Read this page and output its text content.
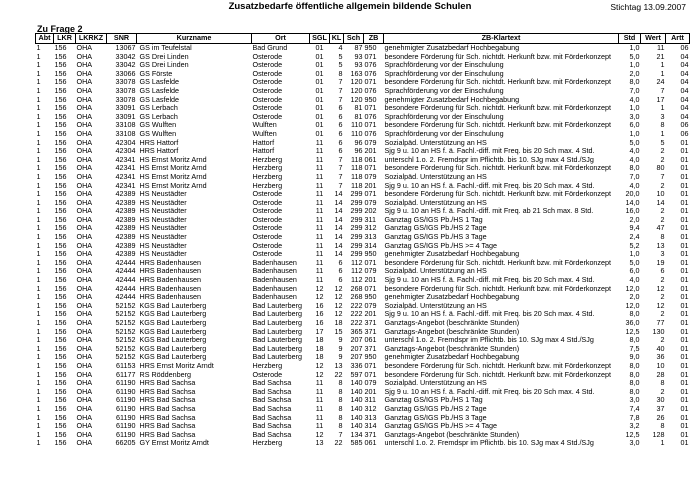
Zusatzbedarfe öffentliche allgemein bildende Schulen	Stichtag 13.09.2007
Zu Frage 2
Abt	LKR	LKRKZ	SNR	Kurzname	Ort	SGL	KL	Sch	ZB	ZB-Klartext	Std	Wert	Artt
1	156	OHA	13067	GS im Teufelstal	Bad Grund	01	4	87	950	genehmigter Zusatzbedarf Hochbegabung	1,0	11	06
1	156	OHA	33042	GS Drei Linden	Osterode	01	5	93	071	besondere Förderung für Sch. nichtdt. Herkunft bzw. mit Förderkonzept	5,0	21	04
1	156	OHA	33042	GS Drei Linden	Osterode	01	5	93	076	Sprachförderung vor der Einschulung	1,0	1	04
1	156	OHA	33066	GS Förste	Osterode	01	8	163	076	Sprachförderung vor der Einschulung	2,0	1	04
1	156	OHA	33078	GS Lasfelde	Osterode	01	7	120	071	besondere Förderung für Sch. nichtdt. Herkunft bzw. mit Förderkonzept	8,0	24	04
1	156	OHA	33078	GS Lasfelde	Osterode	01	7	120	076	Sprachförderung vor der Einschulung	7,0	7	04
1	156	OHA	33078	GS Lasfelde	Osterode	01	7	120	950	genehmigter Zusatzbedarf Hochbegabung	4,0	17	04
1	156	OHA	33091	GS Lerbach	Osterode	01	6	81	071	besondere Förderung für Sch. nichtdt. Herkunft bzw. mit Förderkonzept	1,0	1	04
1	156	OHA	33091	GS Lerbach	Osterode	01	6	81	076	Sprachförderung vor der Einschulung	3,0	3	04
1	156	OHA	33108	GS Wulften	Wulften	01	6	110	071	besondere Förderung für Sch. nichtdt. Herkunft bzw. mit Förderkonzept	6,0	8	06
1	156	OHA	33108	GS Wulften	Wulften	01	6	110	076	Sprachförderung vor der Einschulung	1,0	1	06
1	156	OHA	42304	HRS Hattorf	Hattorf	11	6	96	079	Sozialpäd. Unterstützung an HS	5,0	5	01
1	156	OHA	42304	HRS Hattorf	Hattorf	11	6	96	201	Sjg 9 u. 10 an HS f. ä. Fachl.-diff. mit Freq. bis 20 Sch max. 4 Std.	4,0	2	01
1	156	OHA	42341	HS Ernst Moritz Arnd	Herzberg	11	7	118	061	unterschl 1.o. 2. Fremdspr im Pflichtb. bis 10. SJg max 4 Std./SJg	4,0	2	01
1	156	OHA	42341	HS Ernst Moritz Arnd	Herzberg	11	7	118	071	besondere Förderung für Sch. nichtdt. Herkunft bzw. mit Förderkonzept	8,0	80	01
1	156	OHA	42341	HS Ernst Moritz Arnd	Herzberg	11	7	118	079	Sozialpäd. Unterstützung an HS	7,0	7	01
1	156	OHA	42341	HS Ernst Moritz Arnd	Herzberg	11	7	118	201	Sjg 9 u. 10 an HS f. ä. Fachl.-diff. mit Freq. bis 20 Sch max. 4 Std.	4,0	2	01
1	156	OHA	42389	HS Neustädter	Osterode	11	14	299	071	besondere Förderung für Sch. nichtdt. Herkunft bzw. mit Förderkonzept	20,0	10	01
1	156	OHA	42389	HS Neustädter	Osterode	11	14	299	079	Sozialpäd. Unterstützung an HS	14,0	14	01
1	156	OHA	42389	HS Neustädter	Osterode	11	14	299	202	Sjg 9 u. 10 an HS f. ä. Fachl.-diff. mit Freq. ab 21 Sch max. 8 Std.	16,0	2	01
1	156	OHA	42389	HS Neustädter	Osterode	11	14	299	311	Ganztag GS/IGS Pb./HS 1 Tag	2,0	2	01
1	156	OHA	42389	HS Neustädter	Osterode	11	14	299	312	Ganztag GS/IGS Pb./HS 2 Tage	9,4	47	01
1	156	OHA	42389	HS Neustädter	Osterode	11	14	299	313	Ganztag GS/IGS Pb./HS 3 Tage	2,4	8	01
1	156	OHA	42389	HS Neustädter	Osterode	11	14	299	314	Ganztag GS/IGS Pb./HS >= 4 Tage	5,2	13	01
1	156	OHA	42389	HS Neustädter	Osterode	11	14	299	950	genehmigter Zusatzbedarf Hochbegabung	1,0	3	01
1	156	OHA	42444	HRS Badenhausen	Badenhausen	11	6	112	071	besondere Förderung für Sch. nichtdt. Herkunft bzw. mit Förderkonzept	5,0	19	01
1	156	OHA	42444	HRS Badenhausen	Badenhausen	11	6	112	079	Sozialpäd. Unterstützung an HS	6,0	6	01
1	156	OHA	42444	HRS Badenhausen	Badenhausen	11	6	112	201	Sjg 9 u. 10 an HS f. ä. Fachl.-diff. mit Freq. bis 20 Sch max. 4 Std.	4,0	2	01
1	156	OHA	42444	HRS Badenhausen	Badenhausen	12	12	268	071	besondere Förderung für Sch. nichtdt. Herkunft bzw. mit Förderkonzept	12,0	12	01
1	156	OHA	42444	HRS Badenhausen	Badenhausen	12	12	268	950	genehmigter Zusatzbedarf Hochbegabung	2,0	2	01
1	156	OHA	52152	KGS Bad Lauterberg	Bad Lauterberg	16	12	222	079	Sozialpäd. Unterstützung an HS	12,0	12	01
1	156	OHA	52152	KGS Bad Lauterberg	Bad Lauterberg	16	12	222	201	Sjg 9 u. 10 an HS f. ä. Fachl.-diff. mit Freq. bis 20 Sch max. 4 Std.	8,0	2	01
1	156	OHA	52152	KGS Bad Lauterberg	Bad Lauterberg	16	18	222	371	Ganztags-Angebot (beschränkte Stunden)	36,0	77	01
1	156	OHA	52152	KGS Bad Lauterberg	Bad Lauterberg	17	15	365	371	Ganztags-Angebot (beschränkte Stunden)	12,5	130	01
1	156	OHA	52152	KGS Bad Lauterberg	Bad Lauterberg	18	9	207	061	unterschl 1.o. 2. Fremdspr im Pflichtb. bis 10. SJg max 4 Std./SJg	8,0	2	01
1	156	OHA	52152	KGS Bad Lauterberg	Bad Lauterberg	18	9	207	371	Ganztags-Angebot (beschränkte Stunden)	7,5	40	01
1	156	OHA	52152	KGS Bad Lauterberg	Bad Lauterberg	18	9	207	950	genehmigter Zusatzbedarf Hochbegabung	9,0	36	01
1	156	OHA	61153	HRS Ernst Moritz Arndt	Herzberg	12	13	336	071	besondere Förderung für Sch. nichtdt. Herkunft bzw. mit Förderkonzept	8,0	10	01
1	156	OHA	61177	RS Röddenberg	Osterode	12	22	597	071	besondere Förderung für Sch. nichtdt. Herkunft bzw. mit Förderkonzept	8,0	28	01
1	156	OHA	61190	HRS Bad Sachsa	Bad Sachsa	11	8	140	079	Sozialpäd. Unterstützung an HS	8,0	8	01
1	156	OHA	61190	HRS Bad Sachsa	Bad Sachsa	11	8	140	201	Sjg 9 u. 10 an HS f. ä. Fachl.-diff. mit Freq. bis 20 Sch max. 4 Std.	8,0	2	01
1	156	OHA	61190	HRS Bad Sachsa	Bad Sachsa	11	8	140	311	Ganztag GS/IGS Pb./HS 1 Tag	3,0	30	01
1	156	OHA	61190	HRS Bad Sachsa	Bad Sachsa	11	8	140	312	Ganztag GS/IGS Pb./HS 2 Tage	7,4	37	01
1	156	OHA	61190	HRS Bad Sachsa	Bad Sachsa	11	8	140	313	Ganztag GS/IGS Pb./HS 3 Tage	7,8	26	01
1	156	OHA	61190	HRS Bad Sachsa	Bad Sachsa	11	8	140	314	Ganztag GS/IGS Pb./HS >= 4 Tage	3,2	8	01
1	156	OHA	61190	HRS Bad Sachsa	Bad Sachsa	12	7	134	371	Ganztags-Angebot (beschränkte Stunden)	12,5	128	01
1	156	OHA	66205	GY Ernst Moritz Arndt	Herzberg	13	22	585	061	unterschl 1.o. 2. Fremdspr im Pflichtb. bis 10. SJg max 4 Std./SJg	3,0	1	01
